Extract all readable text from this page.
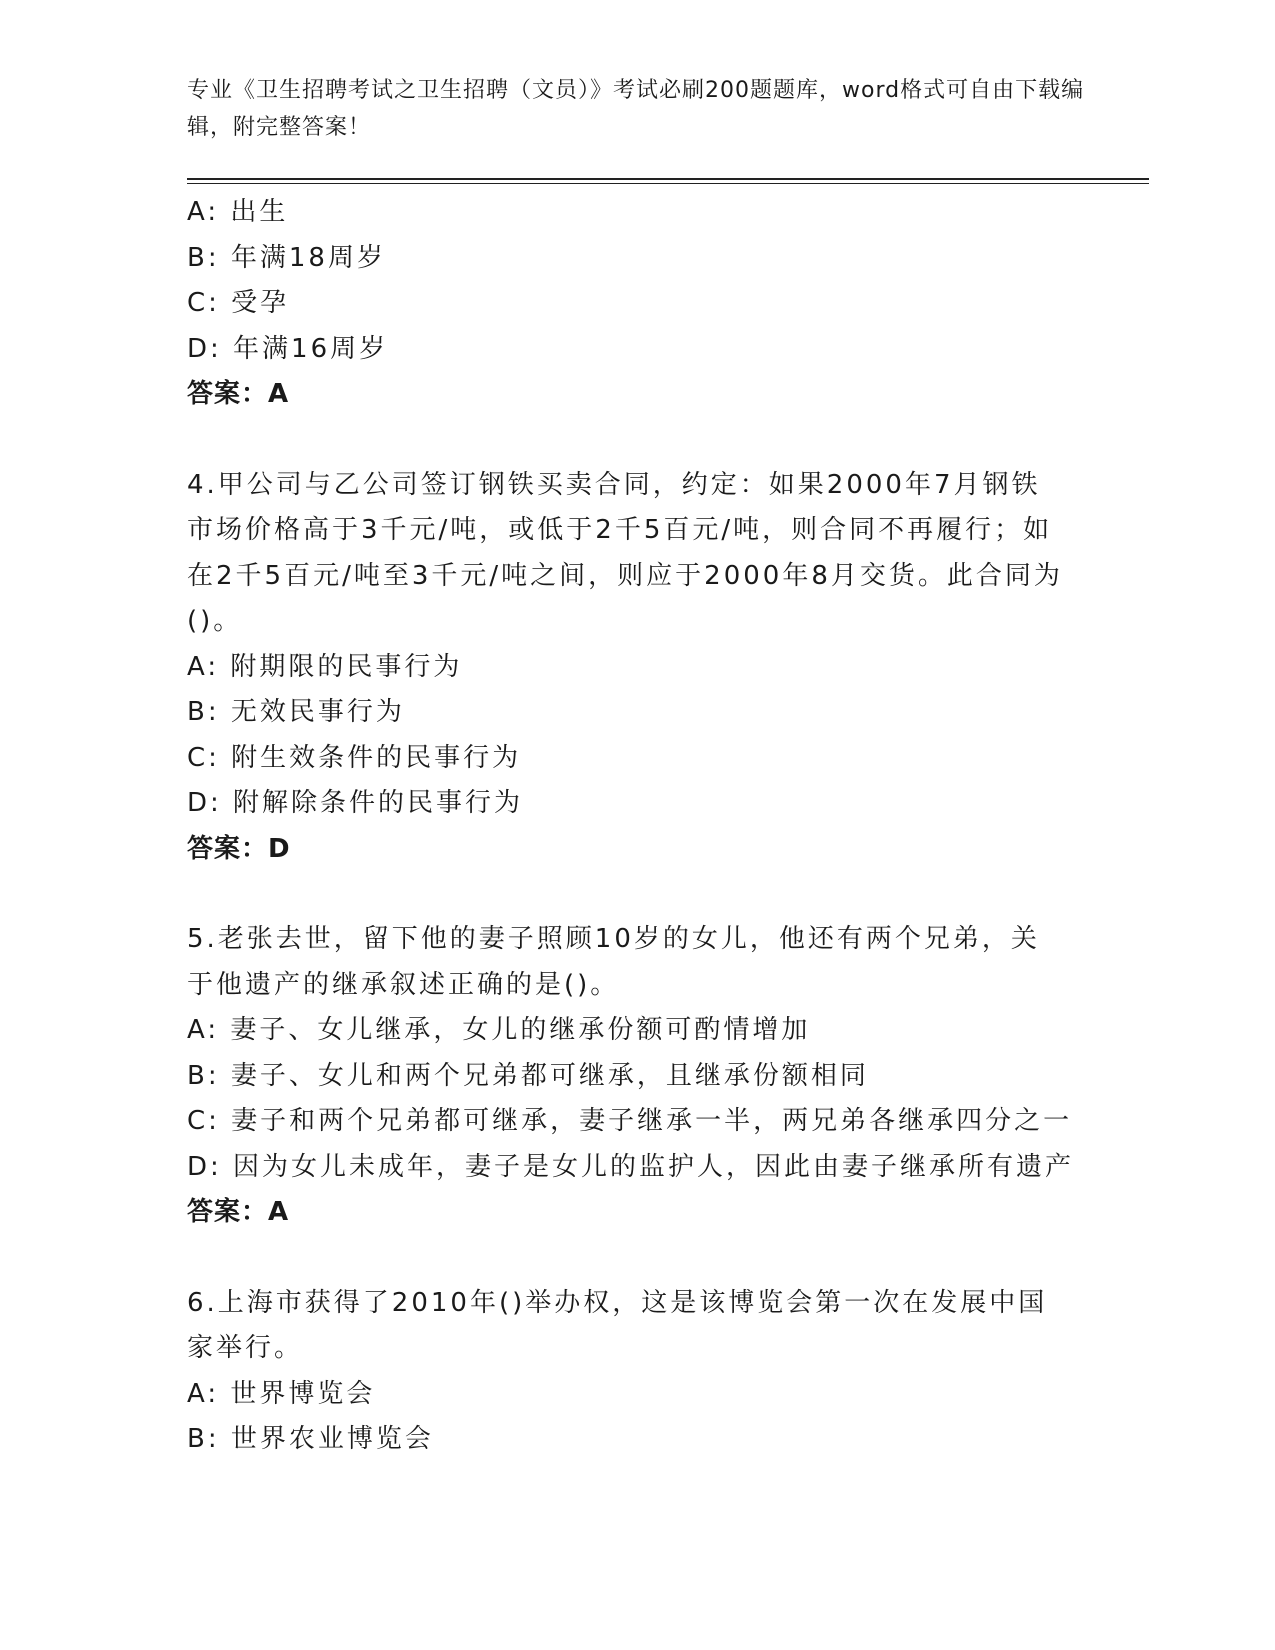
专业《卫生招聘考试之卫生招聘（文员）》考试必刷200题题库，word格式可自由下载编辑，附完整答案！
A: 出生
B: 年满18周岁
C: 受孕
D: 年满16周岁
答案：A
4.甲公司与乙公司签订钢铁买卖合同，约定：如果2000年7月钢铁市场价格高于3千元/吨，或低于2千5百元/吨，则合同不再履行；如在2千5百元/吨至3千元/吨之间，则应于2000年8月交货。此合同为()。
A: 附期限的民事行为
B: 无效民事行为
C: 附生效条件的民事行为
D: 附解除条件的民事行为
答案：D
5.老张去世，留下他的妻子照顾10岁的女儿，他还有两个兄弟，关于他遗产的继承叙述正确的是()。
A: 妻子、女儿继承，女儿的继承份额可酌情增加
B: 妻子、女儿和两个兄弟都可继承，且继承份额相同
C: 妻子和两个兄弟都可继承，妻子继承一半，两兄弟各继承四分之一
D: 因为女儿未成年，妻子是女儿的监护人，因此由妻子继承所有遗产
答案：A
6.上海市获得了2010年()举办权，这是该博览会第一次在发展中国家举行。
A: 世界博览会
B: 世界农业博览会
